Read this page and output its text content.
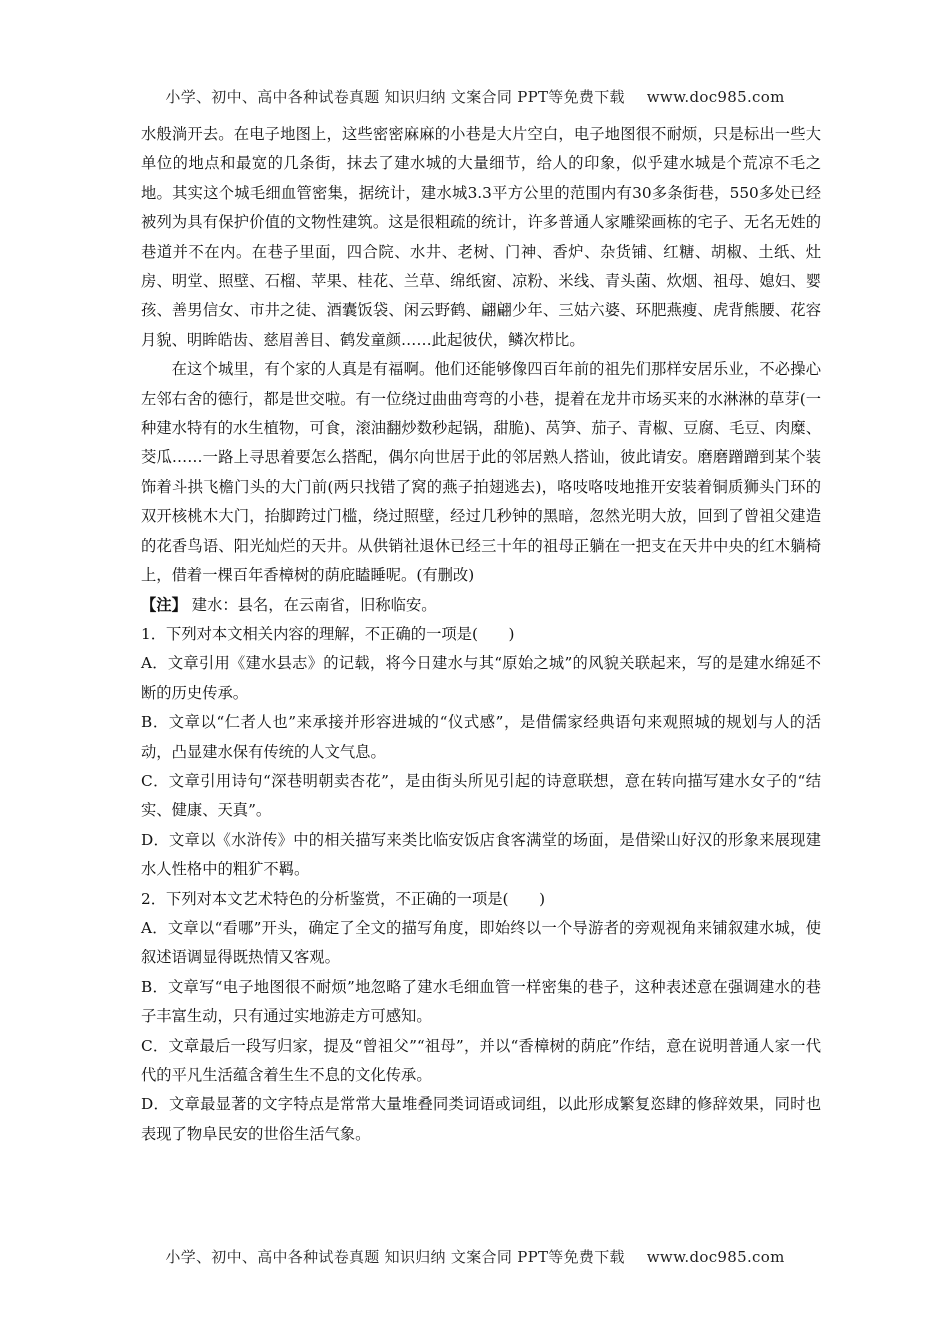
小学、初中、高中各种试卷真题 知识归纳 文案合同 PPT等免费下载 www.doc985.com

水般淌开去。在电子地图上，这些密密麻麻的小巷是大片空白，电子地图很不耐烦，只是标出一些大单位的地点和最宽的几条街，抹去了建水城的大量细节，给人的印象，似乎建水城是个荒凉不毛之地。其实这个城毛细血管密集，据统计，建水城3.3平方公里的范围内有30多条街巷，550多处已经被列为具有保护价值的文物性建筑。这是很粗疏的统计，许多普通人家雕梁画栋的宅子、无名无姓的巷道并不在内。在巷子里面，四合院、水井、老树、门神、香炉、杂货铺、红糖、胡椒、土纸、灶房、明堂、照壁、石榴、苹果、桂花、兰草、绵纸窗、凉粉、米线、青头菌、炊烟、祖母、媳妇、婴孩、善男信女、市井之徒、酒囊饭袋、闲云野鹤、翩翩少年、三姑六婆、环肥燕瘦、虎背熊腰、花容月貌、明眸皓齿、慈眉善目、鹤发童颜……此起彼伏，鳞次栉比。

在这个城里，有个家的人真是有福啊。他们还能够像四百年前的祖先们那样安居乐业，不必操心左邻右舍的德行，都是世交啦。有一位绕过曲曲弯弯的小巷，提着在龙井市场买来的水淋淋的草芽(一种建水特有的水生植物，可食，滚油翻炒数秒起锅，甜脆)、莴笋、茄子、青椒、豆腐、毛豆、肉糜、茭瓜……一路上寻思着要怎么搭配，偶尔向世居于此的邻居熟人搭讪，彼此请安。磨磨蹭蹭到某个装饰着斗拱飞檐门头的大门前(两只找错了窝的燕子拍翅逃去)，咯吱咯吱地推开安装着铜质狮头门环的双开核桃木大门，抬脚跨过门槛，绕过照壁，经过几秒钟的黑暗，忽然光明大放，回到了曾祖父建造的花香鸟语、阳光灿烂的天井。从供销社退休已经三十年的祖母正躺在一把支在天井中央的红木躺椅上，借着一棵百年香樟树的荫庇瞌睡呢。(有删改)

【注】 建水：县名，在云南省，旧称临安。

1．下列对本文相关内容的理解，不正确的一项是(　　)

A．文章引用《建水县志》的记载，将今日建水与其“原始之城”的风貌关联起来，写的是建水绵延不断的历史传承。

B．文章以“仁者人也”来承接并形容进城的“仪式感”，是借儒家经典语句来观照城的规划与人的活动，凸显建水保有传统的人文气息。

C．文章引用诗句“深巷明朝卖杏花”，是由街头所见引起的诗意联想，意在转向描写建水女子的“结实、健康、天真”。

D．文章以《水浒传》中的相关描写来类比临安饭店食客满堂的场面，是借梁山好汉的形象来展现建水人性格中的粗犷不羁。

2．下列对本文艺术特色的分析鉴赏，不正确的一项是(　　)

A．文章以“看哪”开头，确定了全文的描写角度，即始终以一个导游者的旁观视角来铺叙建水城，使叙述语调显得既热情又客观。

B．文章写“电子地图很不耐烦”地忽略了建水毛细血管一样密集的巷子，这种表述意在强调建水的巷子丰富生动，只有通过实地游走方可感知。

C．文章最后一段写归家，提及“曾祖父”“祖母”，并以“香樟树的荫庇”作结，意在说明普通人家一代代的平凡生活蕴含着生生不息的文化传承。

D．文章最显著的文字特点是常常大量堆叠同类词语或词组，以此形成繁复恣肆的修辞效果，同时也表现了物阜民安的世俗生活气象。

小学、初中、高中各种试卷真题 知识归纳 文案合同 PPT等免费下载 www.doc985.com
